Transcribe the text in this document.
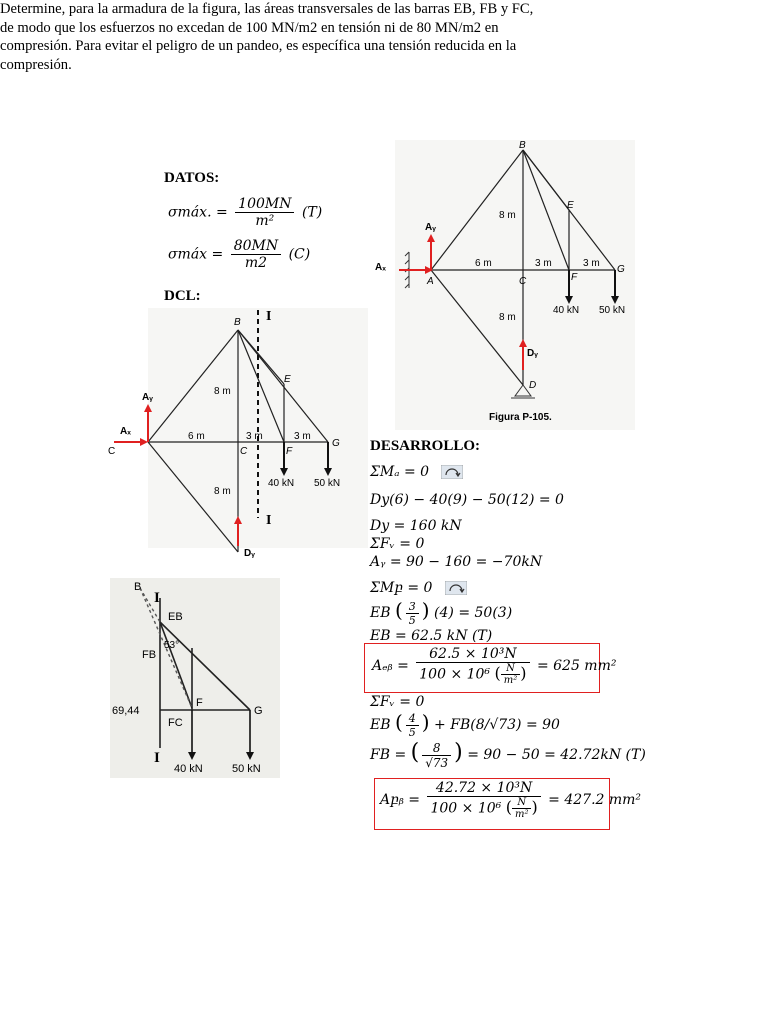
Determine, para la armadura de la figura, las áreas transversales de las barras EB, FB y FC, de modo que los esfuerzos no excedan de 100 MN/m2 en tensión ni de 80 MN/m2 en compresión. Para evitar el peligro de un pandeo, es específica una tensión reducida en la compresión.

DATOS:
σmáx. = $\frac{100MN}{\text{m²}} (T)$
σmáx = $\frac{80MN}{m2} (C)$
DCL:
B
E
A	C	F
G
D
8 m
8 m
6 m	3 m	3 m
40 kN 50 kN
Figura P-105.
Aᵧ
Dᵧ
Aₓ
I
I
B
E
C	F
G
C
8 m
8 m
6 m	3 m	3 m
40 kN 50 kN
Aᵧ
Aₓ
Dᵧ
B
I
EB
53°
FB
F
69,44
FC
G
I
40 kN	50 kN
DESARROLLO:
ΣMₐ = 0
Dy(6) − 40(9) − 50(12) = 0
Dy = 160 kN
ΣFᵥ = 0
Aᵧ = 90 − 160 = −70kN
ΣMբ = 0
EB ( $\frac{3}{5}$ ) (4) = 50(3)
EB = 62.5 kN (T)
Aₑᵦ = $\frac{\text{62.5 × 10³N}}{100 \times 10^6 ( \frac{N}{\text{m²}} )} = 625$ mm²
ΣFᵥ = 0
EB ( $\frac{4}{5}$ ) + FB(8/√73) = 90
FB = ( $\frac{8}{√73}$ ) = 90 − 50 = 42.72kN (T)
Aբᵦ = $\frac{\text{42.72 × 10³N}}{100 \times 10^6 ( \frac{N}{\text{m²}} )} = 427.2$ mm²
